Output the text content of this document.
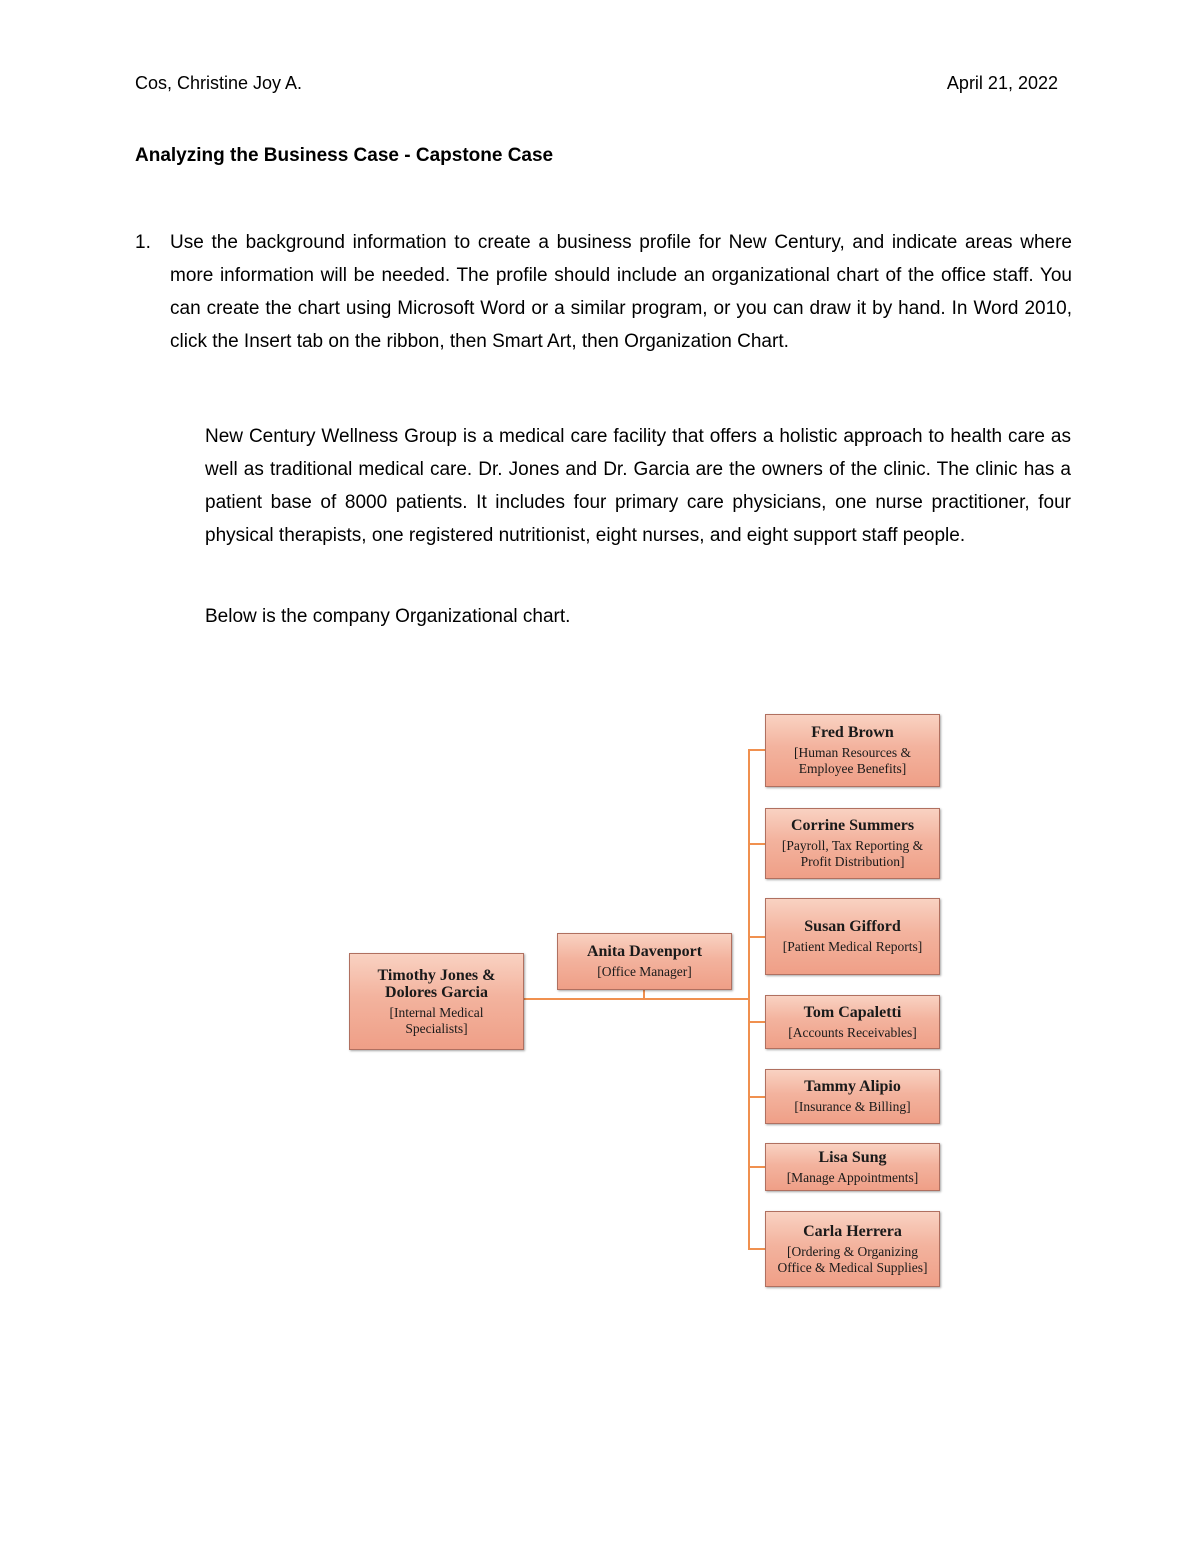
Cos, Christine Joy A.	April 21, 2022
Analyzing the Business Case - Capstone Case
1. Use the background information to create a business profile for New Century, and indicate areas where more information will be needed. The profile should include an organizational chart of the office staff. You can create the chart using Microsoft Word or a similar program, or you can draw it by hand. In Word 2010, click the Insert tab on the ribbon, then Smart Art, then Organization Chart.
New Century Wellness Group is a medical care facility that offers a holistic approach to health care as well as traditional medical care. Dr. Jones and Dr. Garcia are the owners of the clinic. The clinic has a patient base of 8000 patients. It includes four primary care physicians, one nurse practitioner, four physical therapists, one registered nutritionist, eight nurses, and eight support staff people.
Below is the company Organizational chart.
Timothy Jones & Dolores Garcia
[Internal Medical Specialists]
Anita Davenport
[Office Manager]
Fred Brown
[Human Resources & Employee Benefits]
Corrine Summers
[Payroll, Tax Reporting & Profit Distribution]
Susan Gifford
[Patient Medical Reports]
Tom Capaletti
[Accounts Receivables]
Tammy Alipio
[Insurance & Billing]
Lisa Sung
[Manage Appointments]
Carla Herrera
[Ordering & Organizing Office & Medical Supplies]
